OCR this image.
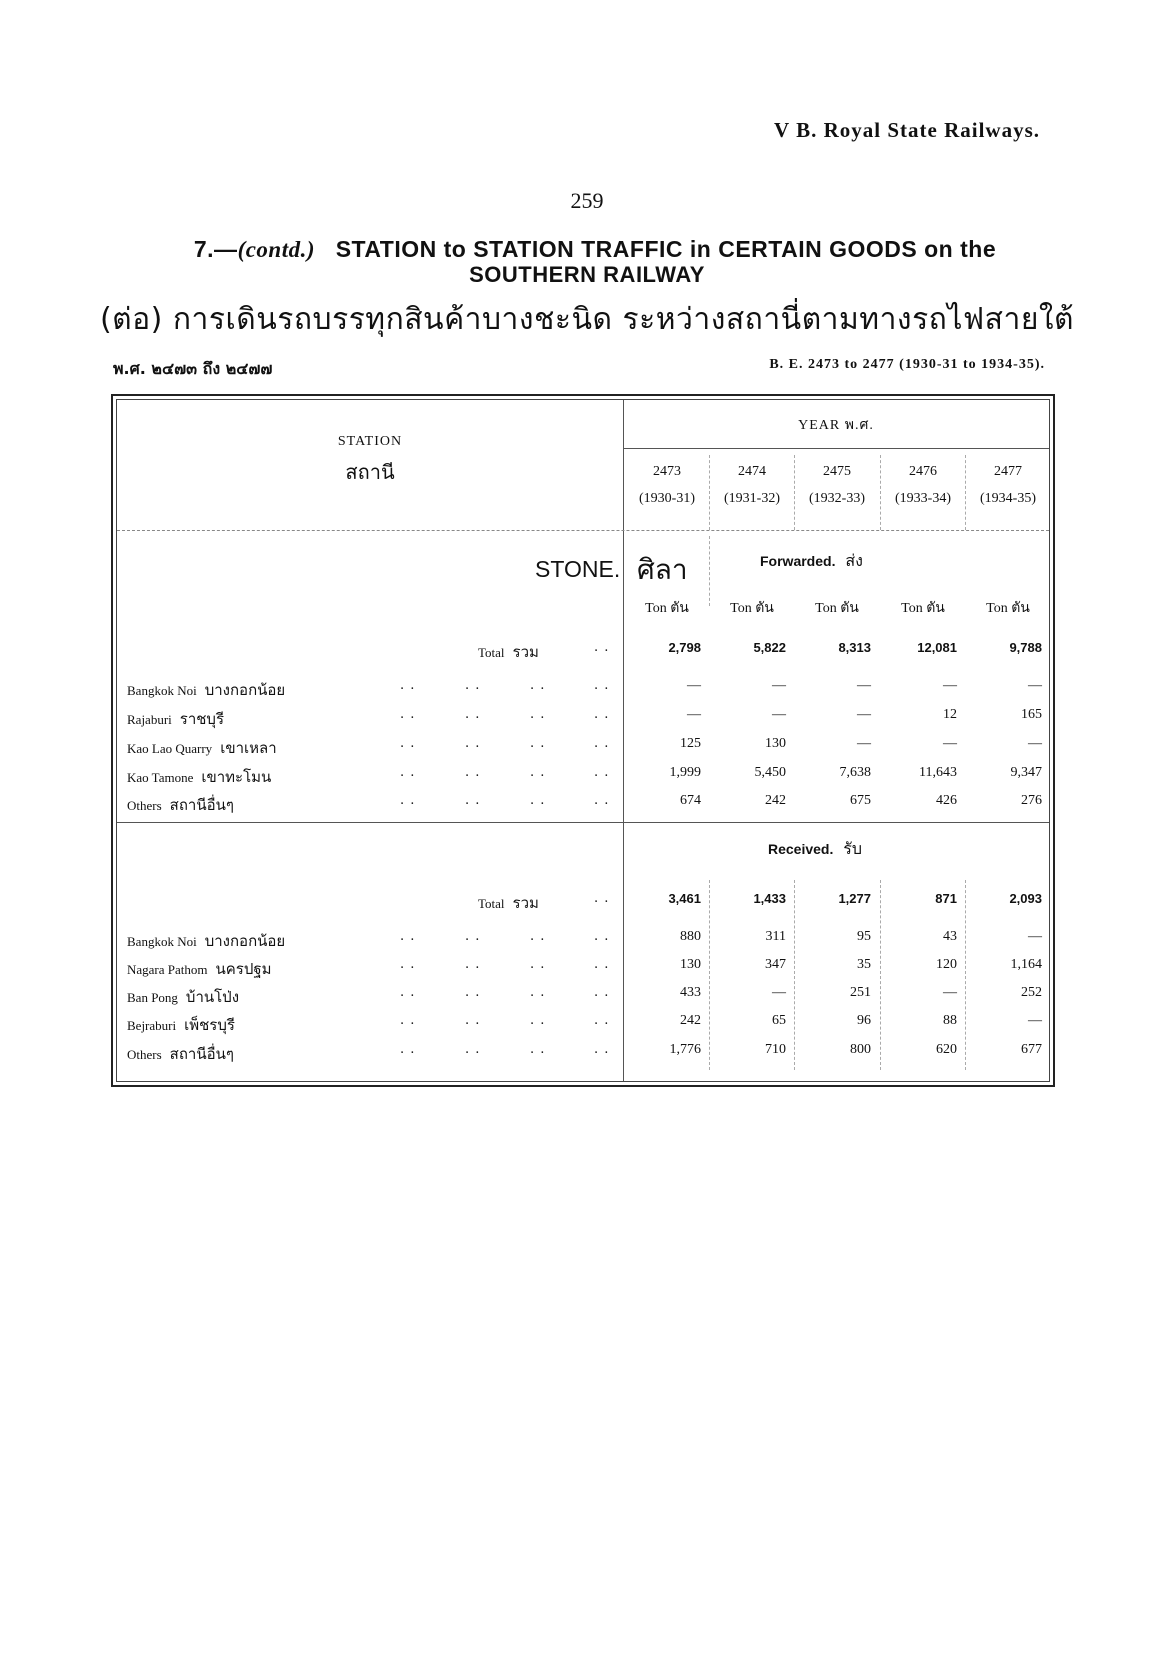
V B. Royal State Railways.
259
7.—(contd.) STATION to STATION TRAFFIC in CERTAIN GOODS on the
SOUTHERN RAILWAY
(ต่อ) การเดินรถบรรทุกสินค้าบางชะนิด ระหว่างสถานี่ตามทางรถไฟสายใต้
พ.ศ. ๒๔๗๓ ถึง ๒๔๗๗	B. E. 2473 to 2477 (1930-31 to 1934-35).
STATION
สถานี
YEAR พ.ศ.
STONE. ศิลา	Forwarded. ส่ง
Received. รับ
2473
(1930-31)
2474
(1931-32)
2475
(1932-33)
2476
(1933-34)
2477
(1934-35)
Ton ตัน	Ton ตัน	Ton ตัน	Ton ตัน	Ton ตัน
Total รวม	. .	2,798	5,822	8,313	12,081	9,788
Bangkok Noi บางกอกน้อย	. .	. .	. .	. .	—	—	—	—	—
Rajaburi ราชบุรี	. .	. .	. .	. .	—	—	—	12	165
Kao Lao Quarry เขาเหลา	. .	. .	. .	. .	125	130	—	—	—
Kao Tamone เขาทะโมน	. .	. .	. .	. .	1,999	5,450	7,638	11,643	9,347
Others สถานีอื่นๆ	. .	. .	. .	. .	674	242	675	426	276
Total รวม	. .	3,461	1,433	1,277	871	2,093
Bangkok Noi บางกอกน้อย	. .	. .	. .	. .	880	311	95	43	—
Nagara Pathom นครปฐม	. .	. .	. .	. .	130	347	35	120	1,164
Ban Pong บ้านโป่ง	. .	. .	. .	. .	433	—	251	—	252
Bejraburi เพ็ชรบุรี	. .	. .	. .	. .	242	65	96	88	—
Others สถานีอื่นๆ	. .	. .	. .	. .	1,776	710	800	620	677
